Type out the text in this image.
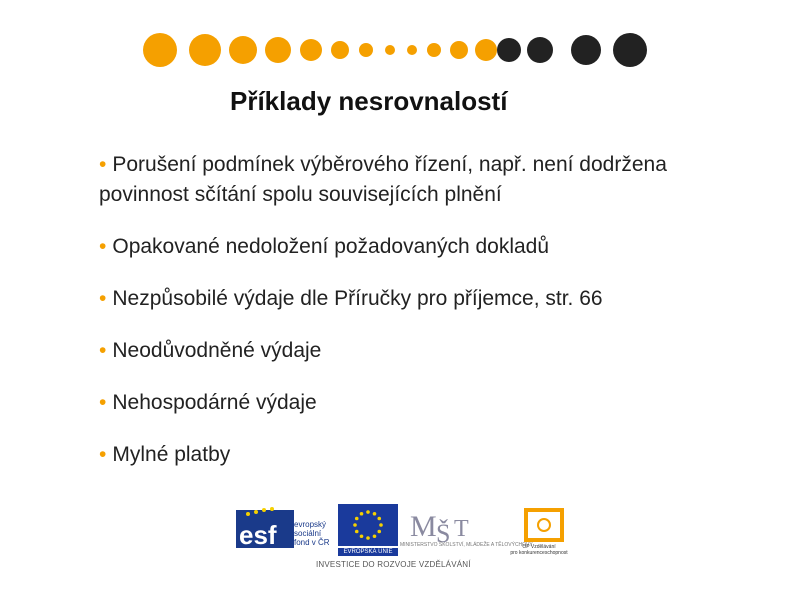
Příklady nesrovnalostí
• Porušení podmínek výběrového řízení, např. není dodržena povinnost sčítání spolu souvisejících plnění
• Opakované nedoložení požadovaných dokladů
• Nezpůsobilé výdaje dle Příručky pro příjemce, str. 66
• Neodůvodněné výdaje
• Nehospodárné výdaje
• Mylné platby
esf evropský
sociální
fond v ČR
EVROPSKÁ UNIE
M Š T
MINISTERSTVO ŠKOLSTVÍ, MLÁDEŽE A TĚLOVÝCHOVY
OP Vzdělávání
pro konkurenceschopnost
INVESTICE DO ROZVOJE VZDĚLÁVÁNÍ
